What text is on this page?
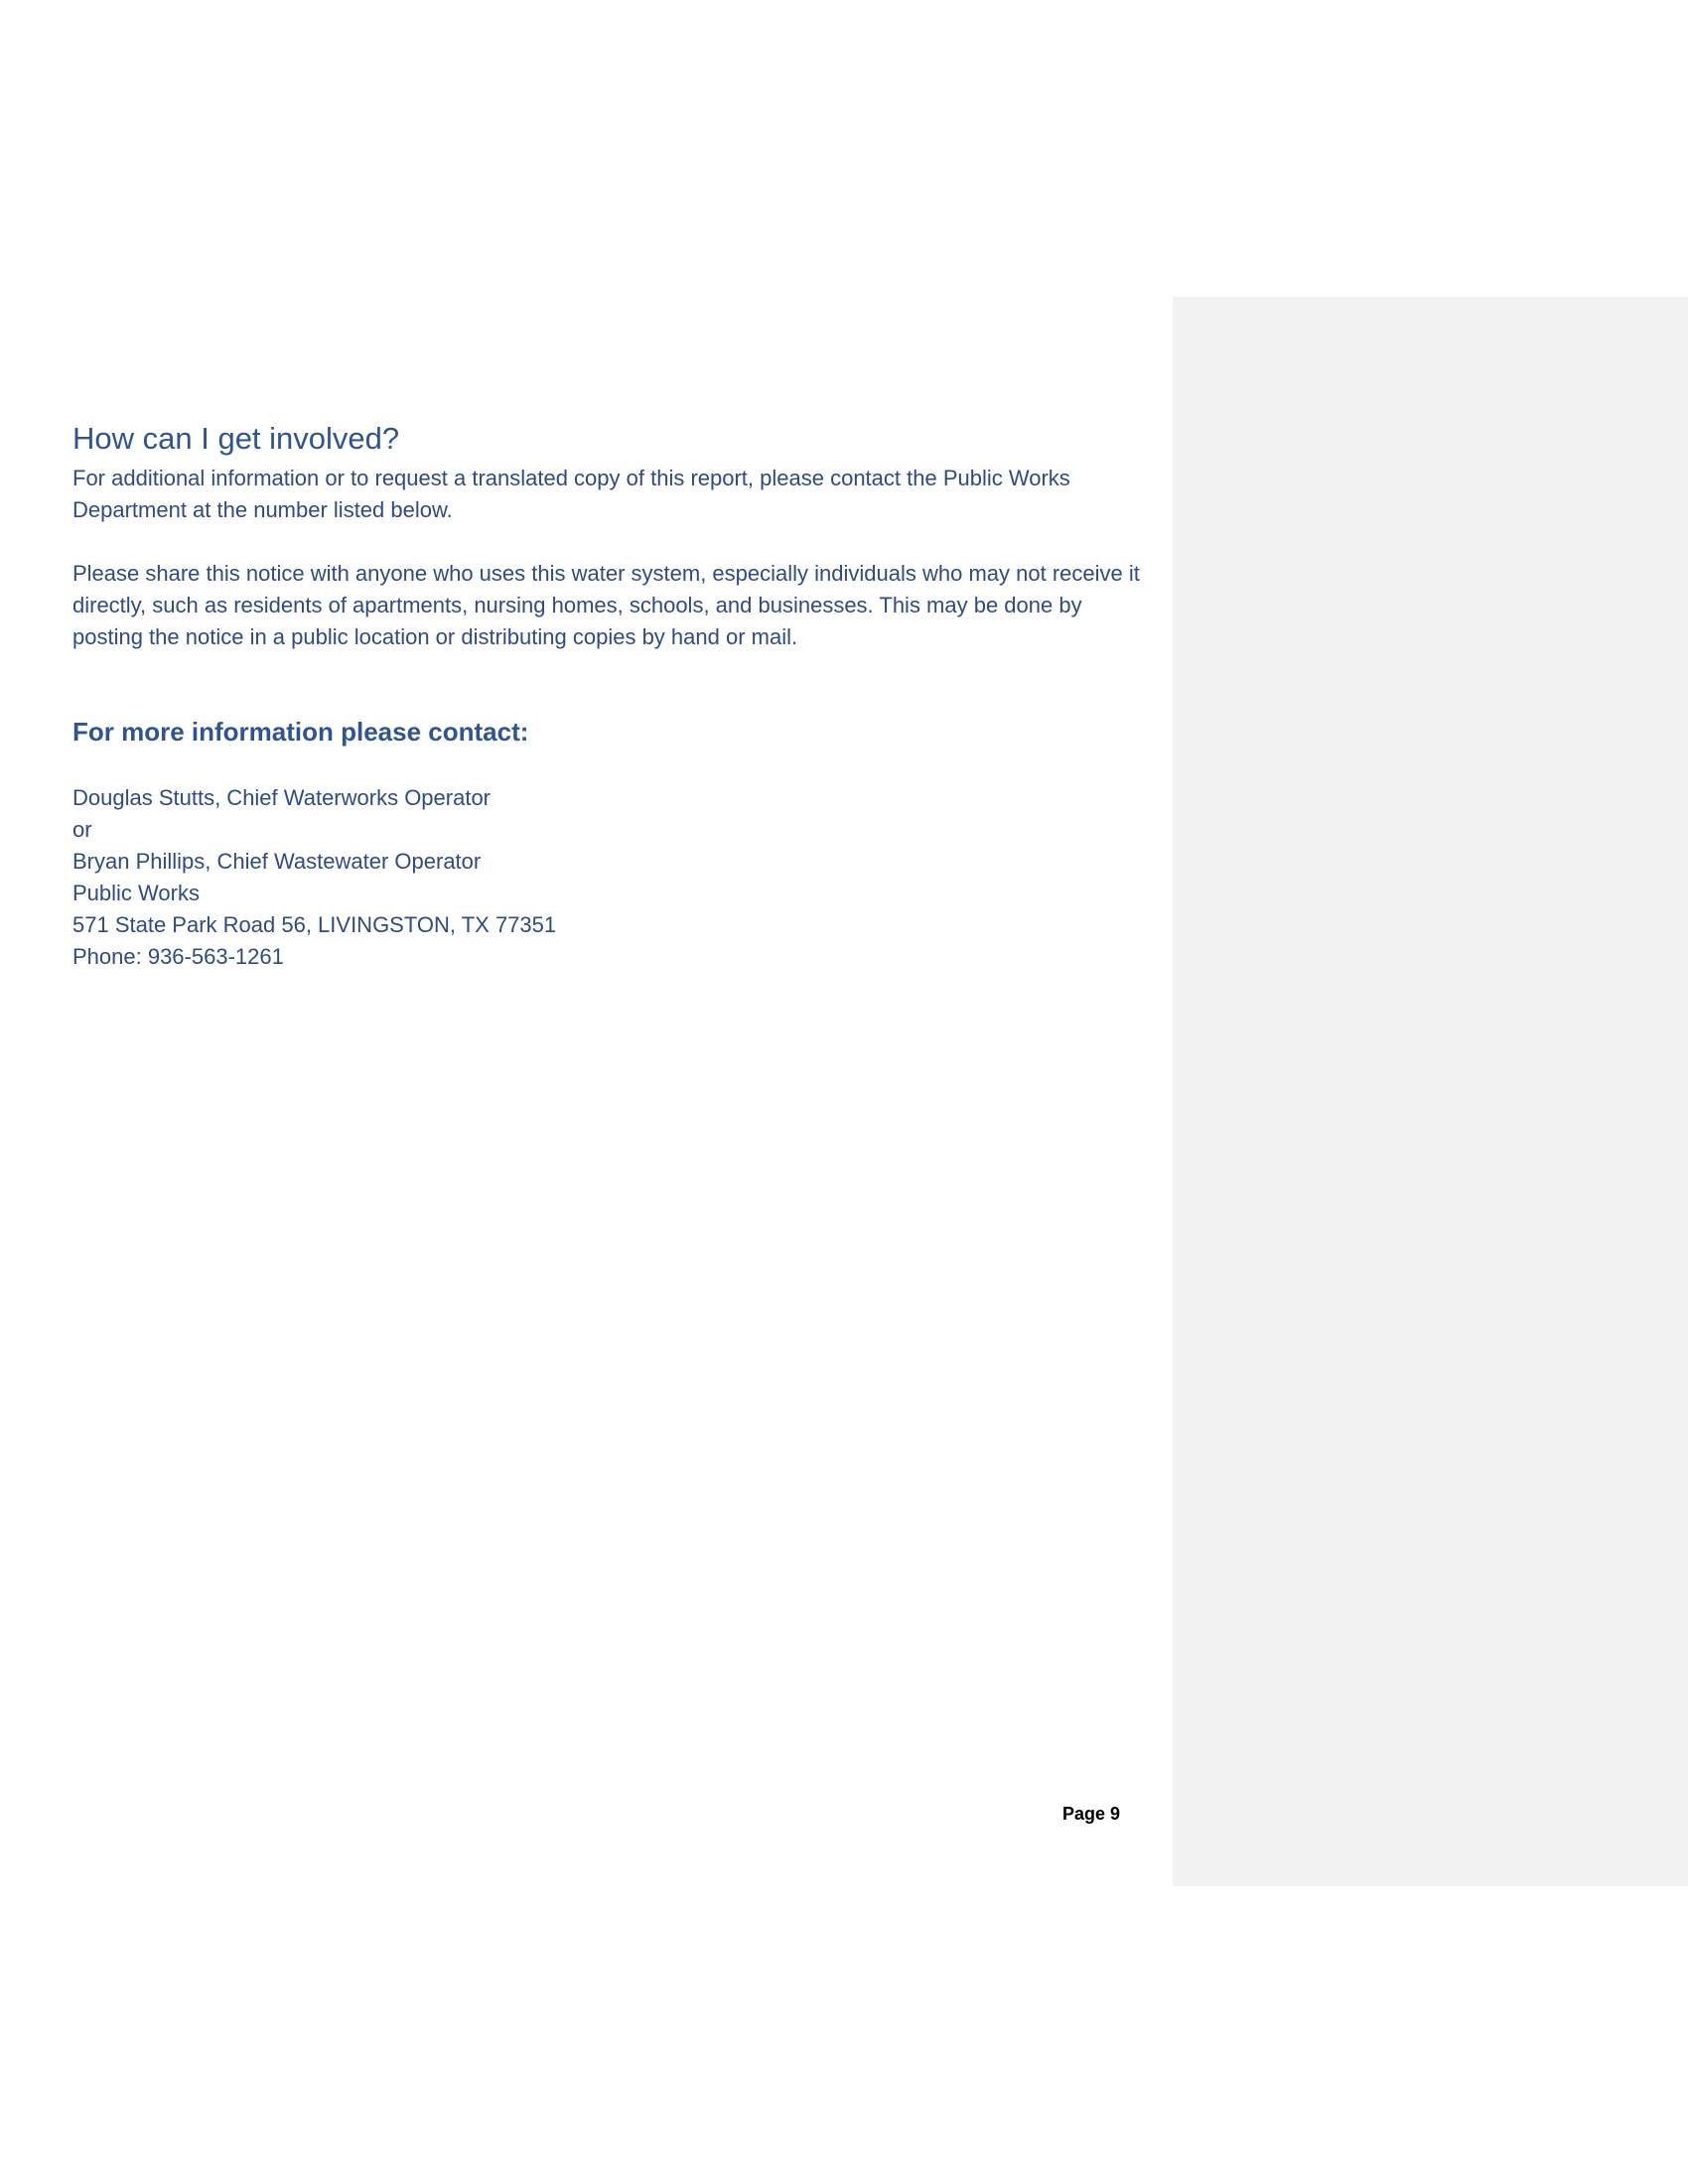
How can I get involved?

For additional information or to request a translated copy of this report, please contact the Public Works Department at the number listed below.

Please share this notice with anyone who uses this water system, especially individuals who may not receive it directly, such as residents of apartments, nursing homes, schools, and businesses. This may be done by posting the notice in a public location or distributing copies by hand or mail.

For more information please contact:
Douglas Stutts, Chief Waterworks Operator
or
Bryan Phillips, Chief Wastewater Operator
Public Works
571 State Park Road 56, LIVINGSTON, TX 77351
Phone: 936-563-1261
Page 9
